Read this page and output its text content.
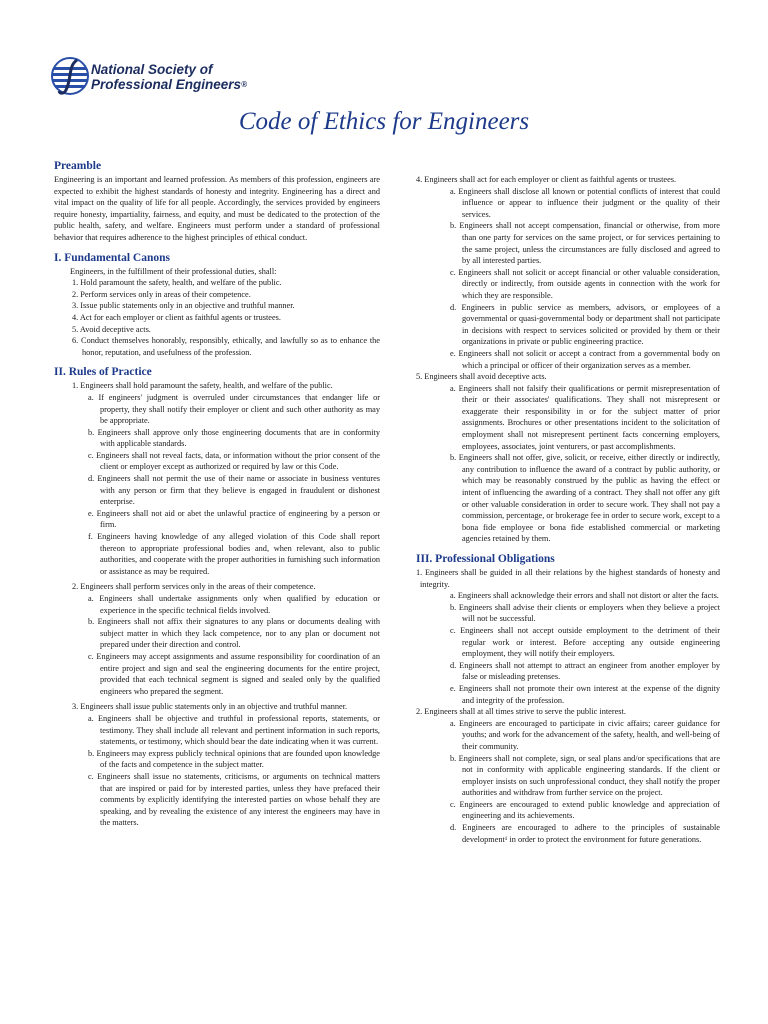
National Society of
Professional Engineers®
Code of Ethics for Engineers
Preamble

Engineering is an important and learned profession. As members of this profession, engineers are expected to exhibit the highest standards of honesty and integrity. Engineering has a direct and vital impact on the quality of life for all people. Accordingly, the services provided by engineers require honesty, impartiality, fairness, and equity, and must be dedicated to the protection of the public health, safety, and welfare. Engineers must perform under a standard of professional behavior that requires adherence to the highest principles of ethical conduct.

I. Fundamental Canons

Engineers, in the fulfillment of their professional duties, shall:

1. Hold paramount the safety, health, and welfare of the public.

2. Perform services only in areas of their competence.

3. Issue public statements only in an objective and truthful manner.

4. Act for each employer or client as faithful agents or trustees.

5. Avoid deceptive acts.

6. Conduct themselves honorably, responsibly, ethically, and lawfully so as to enhance the honor, reputation, and usefulness of the profession.

II. Rules of Practice

1. Engineers shall hold paramount the safety, health, and welfare of the public.

a. If engineers' judgment is overruled under circumstances that endanger life or property, they shall notify their employer or client and such other authority as may be appropriate.

b. Engineers shall approve only those engineering documents that are in conformity with applicable standards.

c. Engineers shall not reveal facts, data, or information without the prior consent of the client or employer except as authorized or required by law or this Code.

d. Engineers shall not permit the use of their name or associate in business ventures with any person or firm that they believe is engaged in fraudulent or dishonest enterprise.

e. Engineers shall not aid or abet the unlawful practice of engineering by a person or firm.

f. Engineers having knowledge of any alleged violation of this Code shall report thereon to appropriate professional bodies and, when relevant, also to public authorities, and cooperate with the proper authorities in furnishing such information or assistance as may be required.

2. Engineers shall perform services only in the areas of their competence.

a. Engineers shall undertake assignments only when qualified by education or experience in the specific technical fields involved.

b. Engineers shall not affix their signatures to any plans or documents dealing with subject matter in which they lack competence, nor to any plan or document not prepared under their direction and control.

c. Engineers may accept assignments and assume responsibility for coordination of an entire project and sign and seal the engineering documents for the entire project, provided that each technical segment is signed and sealed only by the qualified engineers who prepared the segment.

3. Engineers shall issue public statements only in an objective and truthful manner.

a. Engineers shall be objective and truthful in professional reports, statements, or testimony. They shall include all relevant and pertinent information in such reports, statements, or testimony, which should bear the date indicating when it was current.

b. Engineers may express publicly technical opinions that are founded upon knowledge of the facts and competence in the subject matter.

c. Engineers shall issue no statements, criticisms, or arguments on technical matters that are inspired or paid for by interested parties, unless they have prefaced their comments by explicitly identifying the interested parties on whose behalf they are speaking, and by revealing the existence of any interest the engineers may have in the matters.

4. Engineers shall act for each employer or client as faithful agents or trustees.

a. Engineers shall disclose all known or potential conflicts of interest that could influence or appear to influence their judgment or the quality of their services.

b. Engineers shall not accept compensation, financial or otherwise, from more than one party for services on the same project, or for services pertaining to the same project, unless the circumstances are fully disclosed and agreed to by all interested parties.

c. Engineers shall not solicit or accept financial or other valuable consideration, directly or indirectly, from outside agents in connection with the work for which they are responsible.

d. Engineers in public service as members, advisors, or employees of a governmental or quasi-governmental body or department shall not participate in decisions with respect to services solicited or provided by them or their organizations in private or public engineering practice.

e. Engineers shall not solicit or accept a contract from a governmental body on which a principal or officer of their organization serves as a member.

5. Engineers shall avoid deceptive acts.

a. Engineers shall not falsify their qualifications or permit misrepresentation of their or their associates' qualifications. They shall not misrepresent or exaggerate their responsibility in or for the subject matter of prior assignments. Brochures or other presentations incident to the solicitation of employment shall not misrepresent pertinent facts concerning employers, employees, associates, joint venturers, or past accomplishments.

b. Engineers shall not offer, give, solicit, or receive, either directly or indirectly, any contribution to influence the award of a contract by public authority, or which may be reasonably construed by the public as having the effect or intent of influencing the awarding of a contract. They shall not offer any gift or other valuable consideration in order to secure work. They shall not pay a commission, percentage, or brokerage fee in order to secure work, except to a bona fide employee or bona fide established commercial or marketing agencies retained by them.

III. Professional Obligations

1. Engineers shall be guided in all their relations by the highest standards of honesty and integrity.

a. Engineers shall acknowledge their errors and shall not distort or alter the facts.

b. Engineers shall advise their clients or employers when they believe a project will not be successful.

c. Engineers shall not accept outside employment to the detriment of their regular work or interest. Before accepting any outside engineering employment, they will notify their employers.

d. Engineers shall not attempt to attract an engineer from another employer by false or misleading pretenses.

e. Engineers shall not promote their own interest at the expense of the dignity and integrity of the profession.

2. Engineers shall at all times strive to serve the public interest.

a. Engineers are encouraged to participate in civic affairs; career guidance for youths; and work for the advancement of the safety, health, and well-being of their community.

b. Engineers shall not complete, sign, or seal plans and/or specifications that are not in conformity with applicable engineering standards. If the client or employer insists on such unprofessional conduct, they shall notify the proper authorities and withdraw from further service on the project.

c. Engineers are encouraged to extend public knowledge and appreciation of engineering and its achievements.

d. Engineers are encouraged to adhere to the principles of sustainable development¹ in order to protect the environment for future generations.
